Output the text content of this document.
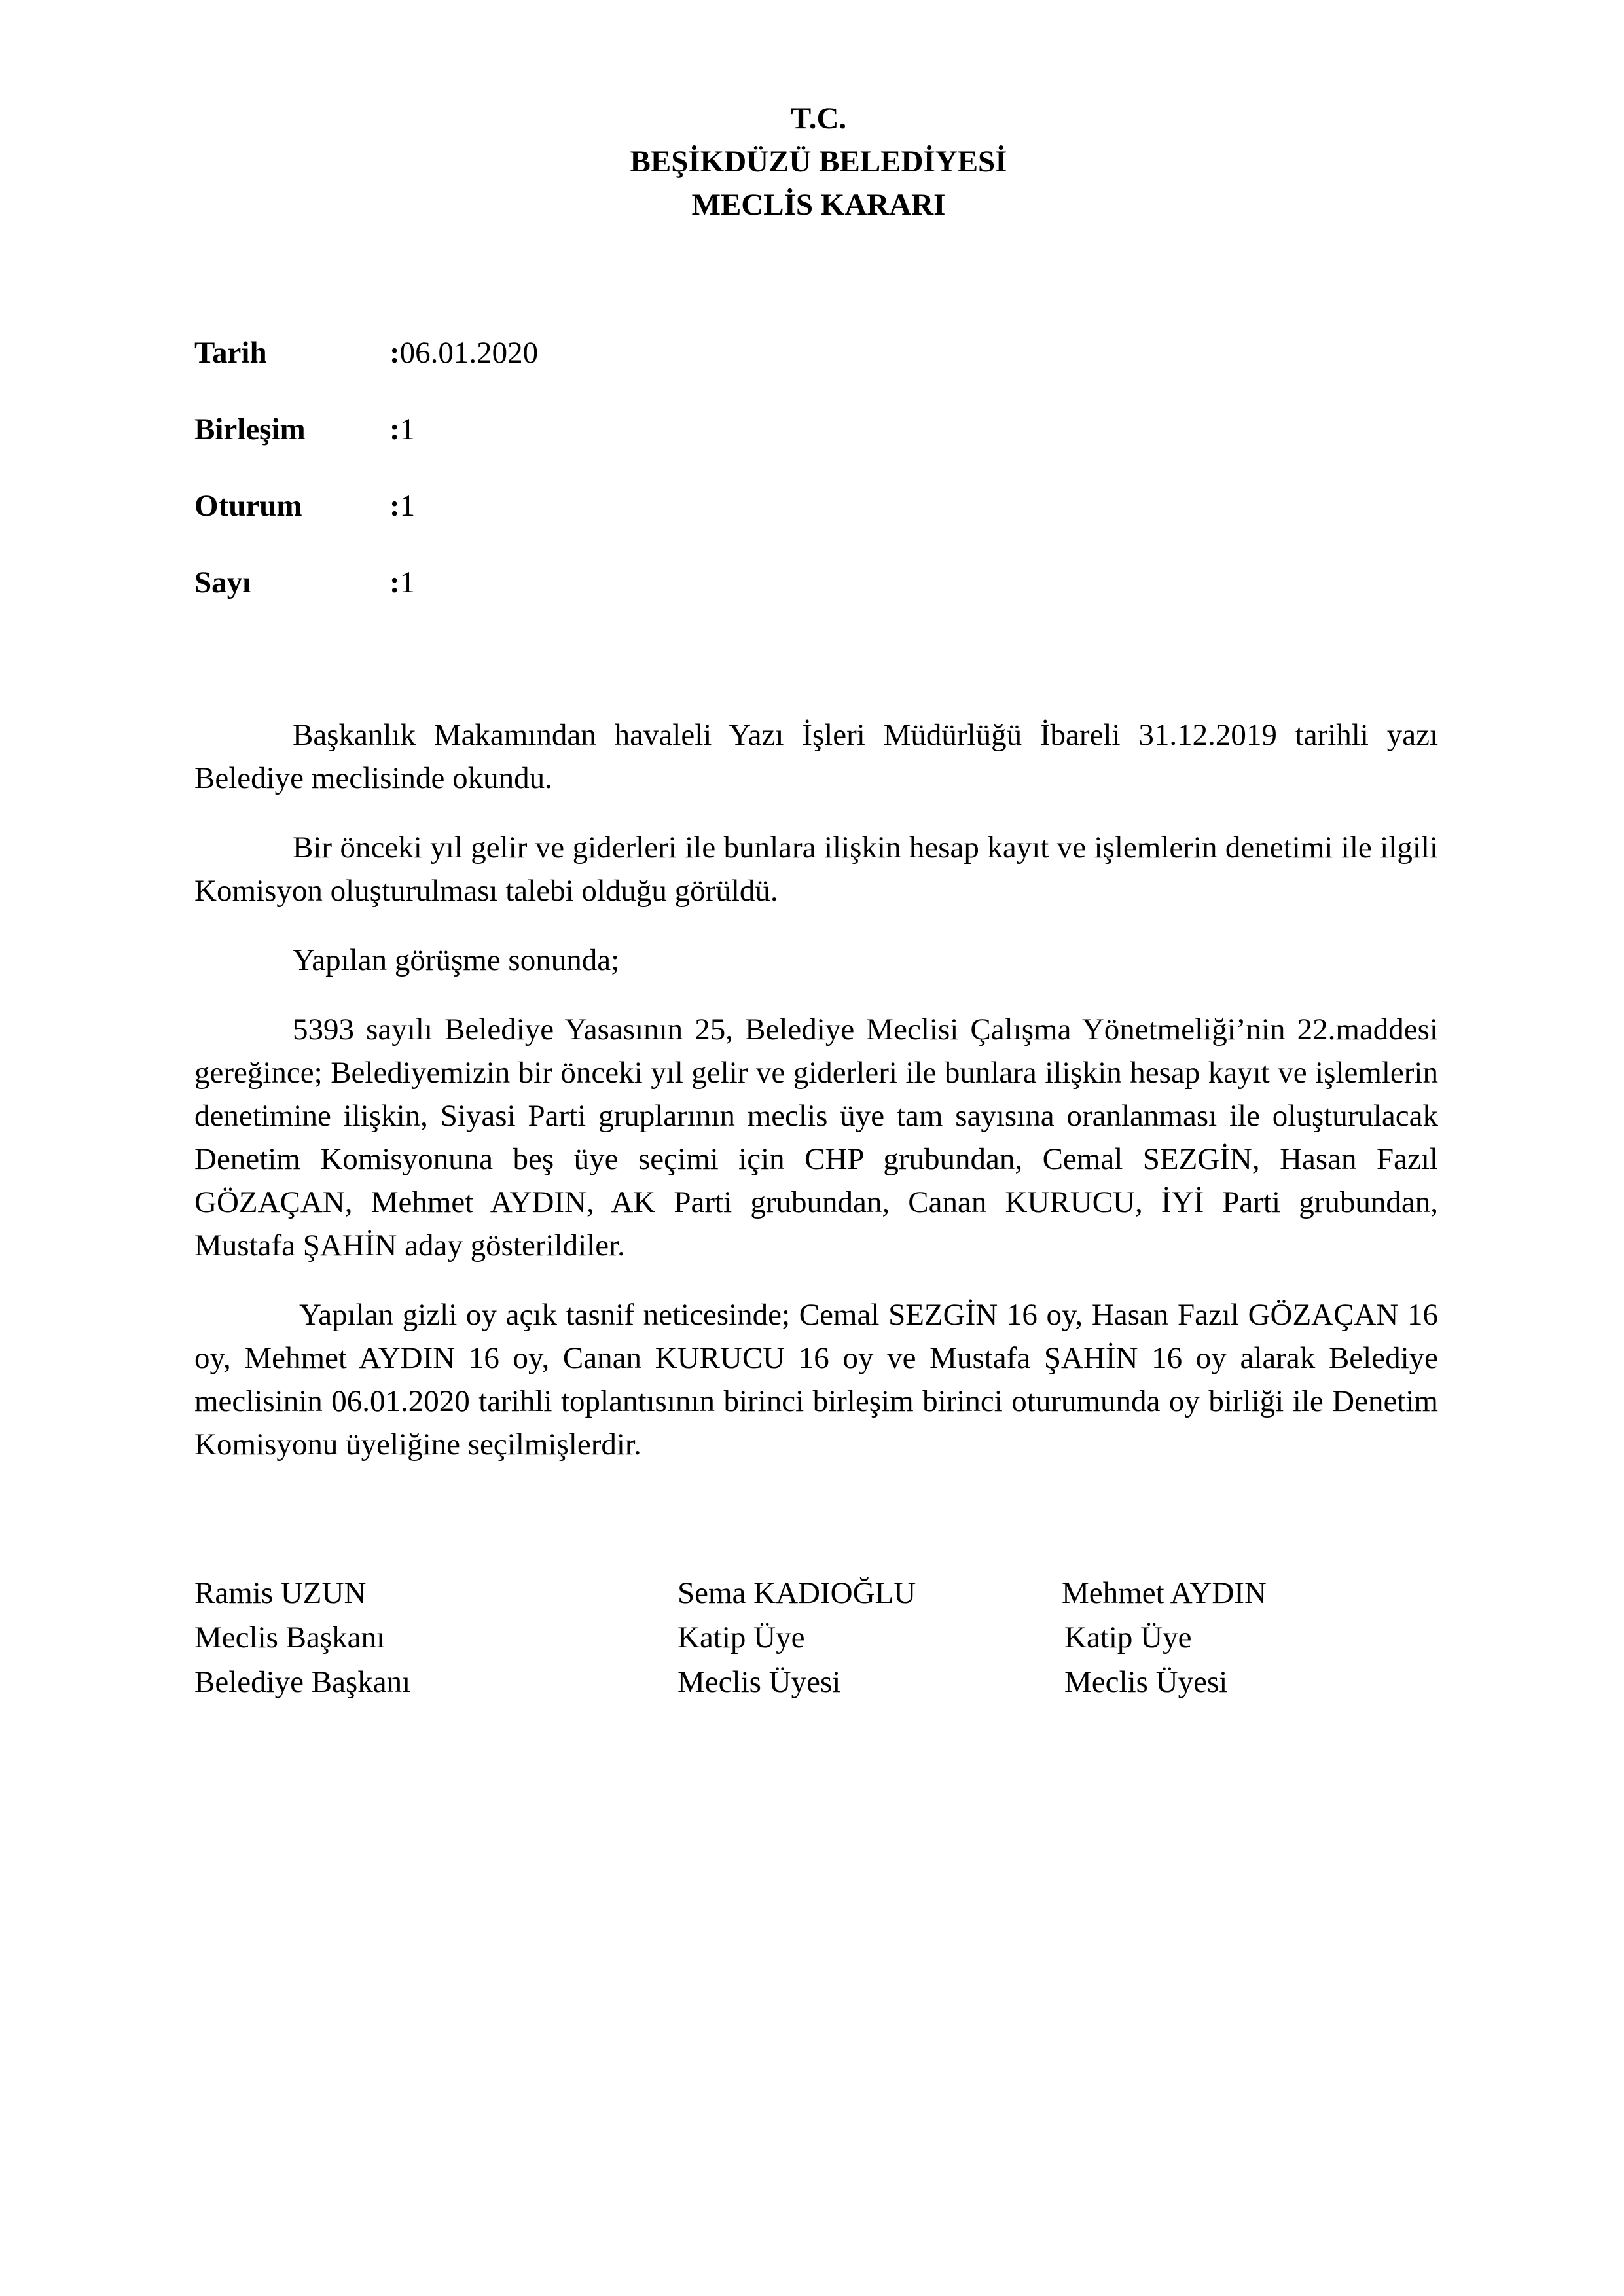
T.C.
BEŞİKDÜZÜ BELEDİYESİ
MECLİS KARARI
Tarih	: 06.01.2020
Birleşim	: 1
Oturum	: 1
Sayı	: 1

Başkanlık Makamından havaleli Yazı İşleri Müdürlüğü İbareli 31.12.2019 tarihli yazı Belediye meclisinde okundu.

Bir önceki yıl gelir ve giderleri ile bunlara ilişkin hesap kayıt ve işlemlerin denetimi ile ilgili Komisyon oluşturulması talebi olduğu görüldü.

Yapılan görüşme sonunda;

5393 sayılı Belediye Yasasının 25, Belediye Meclisi Çalışma Yönetmeliği’nin 22.maddesi gereğince; Belediyemizin bir önceki yıl gelir ve giderleri ile bunlara ilişkin hesap kayıt ve işlemlerin denetimine ilişkin, Siyasi Parti gruplarının meclis üye tam sayısına oranlanması ile oluşturulacak Denetim Komisyonuna beş üye seçimi için CHP grubundan, Cemal SEZGİN, Hasan Fazıl GÖZAÇAN, Mehmet AYDIN, AK Parti grubundan, Canan KURUCU, İYİ Parti grubundan, Mustafa ŞAHİN aday gösterildiler.

Yapılan gizli oy açık tasnif neticesinde; Cemal SEZGİN 16 oy, Hasan Fazıl GÖZAÇAN 16 oy, Mehmet AYDIN 16 oy, Canan KURUCU 16 oy ve Mustafa ŞAHİN 16 oy alarak Belediye meclisinin 06.01.2020 tarihli toplantısının birinci birleşim birinci oturumunda oy birliği ile Denetim Komisyonu üyeliğine seçilmişlerdir.

Ramis UZUN
Meclis Başkanı
Belediye Başkanı
Sema KADIOĞLU
Katip Üye
Meclis Üyesi
Mehmet AYDIN
Katip Üye
Meclis Üyesi
